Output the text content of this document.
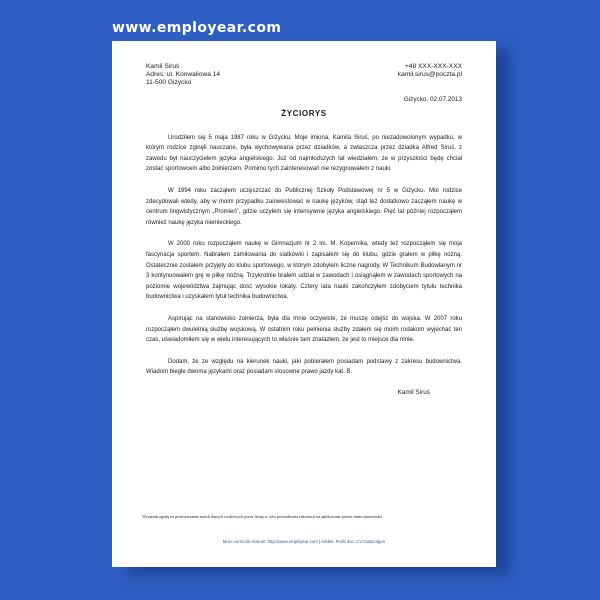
www.employear.com
Kamil Siruś
Adres: ul. Konwaliowa 14
11-500 Giżycko
+48 XXX-XXX-XXX
kamil.sirus@poczta.pl
Giżycko, 02.07.2013
ŻYCIORYS

Urodziłem się 5 maja 1987 roku w Giżycku. Moje imiona, Kamila Siruś, po niezadowolonym wypadku, w którym rodzice zginęli nauczane, była wychowywana przez dziadków, a zwłaszcza przez dziadka Alfred Siruś, z zawodu był nauczycielem języka angielskiego. Już od najmłodszych lat wiedziałem, że w przyszłości będę chciał zostać sportowcem albo żołnierzem. Pomimo tych zainteresowań nie rezygnowałem z nauki.

W 1994 roku zacząłem uczęszczać do Publicznej Szkoły Podstawowej nr 5 w Giżycku. Moi rodzice zdecydowali wtedy, aby w moim przypadku zainwestować w naukę języków, stąd też dodatkowo zacząłem naukę w centrum lingwistycznym „Promień”, gdzie uczyłem się intensywnie języka angielskiego. Pięć lat później rozpocząłem również naukę języka niemieckiego.

W 2000 roku rozpocząłem naukę w Gimnazjum nr 2 im. M. Kopernika, wtedy też rozpocząłem się moja fascynacja sportem. Nabrałem zamiłowania do siatkówki i zapisałem się do klubu, gdzie grałem w piłkę nożną. Ostatecznie zostałem przyjęty do klubu sportowego, w którym zdobyłem liczne nagrody. W Technikum Budowlanym nr 3 kontynuowałem grę w piłkę nożną. Trzykrotnie brałem udział w zawodach i osiągnąłem w zawodach sportowych na poziomie województwa zajmując dość wysokie lokaty. Cztery lata nauki zakończyłem zdobyciem tytułu technika budownictwa i uzyskałem tytuł technika budownictwa.

Aspirując na stanowisko żołnierza, była dla mnie oczywiste, że muszę odejść do wojska. W 2007 roku rozpocząłem dwuletnią służbę wojskową. W ostatnim roku pełnienia służby zdałem się moim rodakom wyjechać ten czas, uświadomiłem się w wielu interesujących to właśnie tam znalazłem, że jest to miejsce dla mnie.

Dodam, że ze względu na kierunek nauki, jaki pobierałem posiadam podstawy z zakresu budownictwa. Wiadom biegle dwoma językami oraz posiadam stosowne prawo jazdy kat. B.

Kamil Siruś
Wyrażam zgodę na przetwarzanie moich danych osobowych przez firmę w celu prowadzenia rekrutacji na aplikowane przeze mnie stanowisko.
More curricula vitarum: http://www.employear.com | Addes: Profit doc. CV.CiaZentgen
